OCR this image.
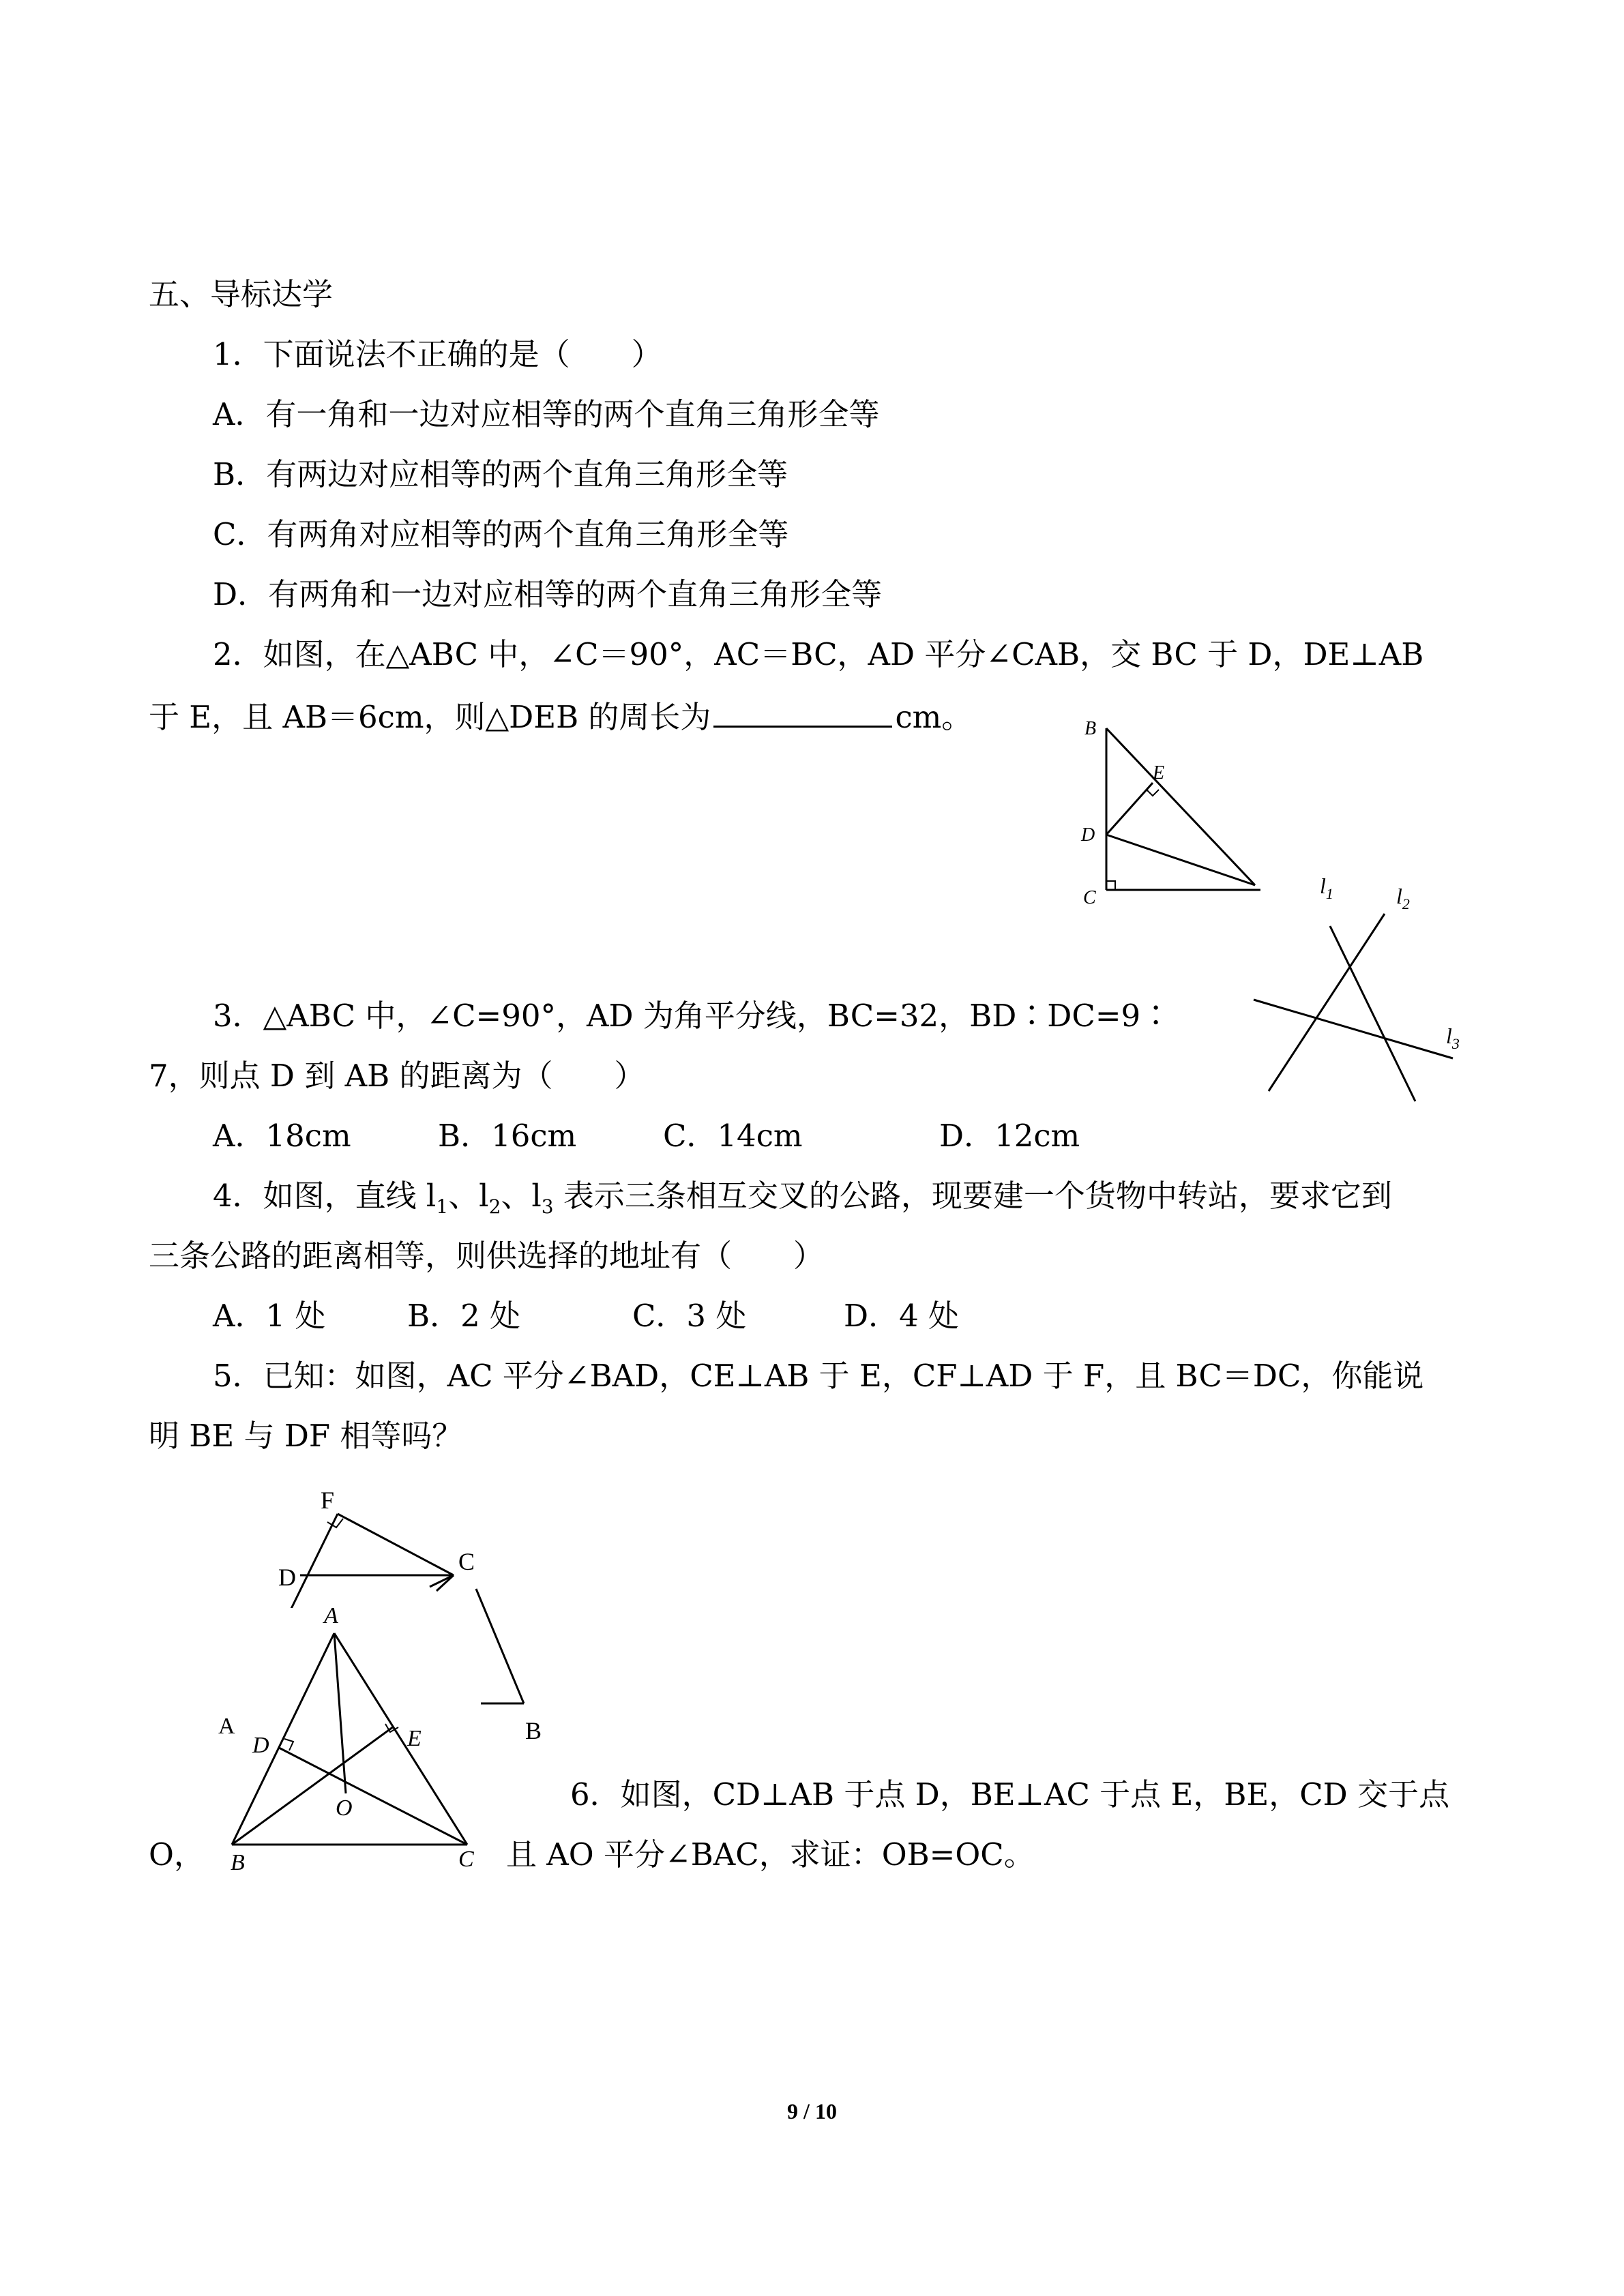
五、导标达学
1．下面说法不正确的是（　　）
A．有一角和一边对应相等的两个直角三角形全等
B．有两边对应相等的两个直角三角形全等
C．有两角对应相等的两个直角三角形全等
D．有两角和一边对应相等的两个直角三角形全等
2．如图，在△ABC 中，∠C＝90°，AC＝BC，AD 平分∠CAB，交 BC 于 D，DE⊥AB
于 E，且 AB＝6cm，则△DEB 的周长为	cm。	B
E
D
C	$l_1$	$l_2$
$l_3$
3．△ABC 中，∠C=90°，AD 为角平分线，BC=32，BD∶DC=9∶
7，则点 D 到 AB 的距离为（　　）
A．18cm	B．16cm	C．14cm	D．12cm
4．如图，直线 $l_1$、$l_2$、$l_3$ 表示三条相互交叉的公路，现要建一个货物中转站，要求它到
三条公路的距离相等，则供选择的地址有（　　）
A．1 处	B．2 处	C．3 处	D．4 处
5．已知：如图，AC 平分∠BAD，CE⊥AB 于 E，CF⊥AD 于 F，且 BC＝DC，你能说
明 BE 与 DF 相等吗？
F
D
C
A	B
A
D	E
O
B	C
6．如图，CD⊥AB 于点 D，BE⊥AC 于点 E，BE，CD 交于点
O，	且 AO 平分∠BAC，求证：OB=OC。
9 / 10
